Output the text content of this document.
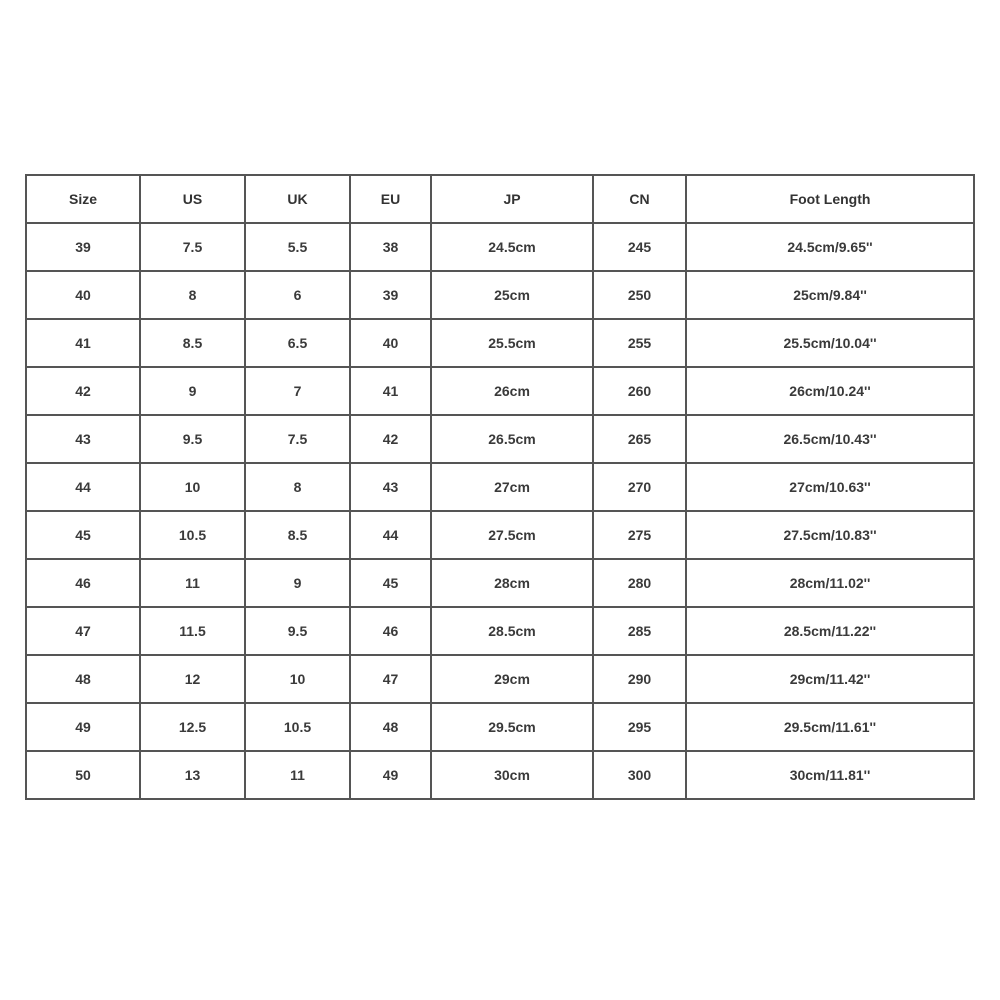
Size	US	UK	EU	JP	CN	Foot Length
39	7.5	5.5	38	24.5cm	245	24.5cm/9.65''
40	8	6	39	25cm	250	25cm/9.84''
41	8.5	6.5	40	25.5cm	255	25.5cm/10.04''
42	9	7	41	26cm	260	26cm/10.24''
43	9.5	7.5	42	26.5cm	265	26.5cm/10.43''
44	10	8	43	27cm	270	27cm/10.63''
45	10.5	8.5	44	27.5cm	275	27.5cm/10.83''
46	11	9	45	28cm	280	28cm/11.02''
47	11.5	9.5	46	28.5cm	285	28.5cm/11.22''
48	12	10	47	29cm	290	29cm/11.42''
49	12.5	10.5	48	29.5cm	295	29.5cm/11.61''
50	13	11	49	30cm	300	30cm/11.81''
